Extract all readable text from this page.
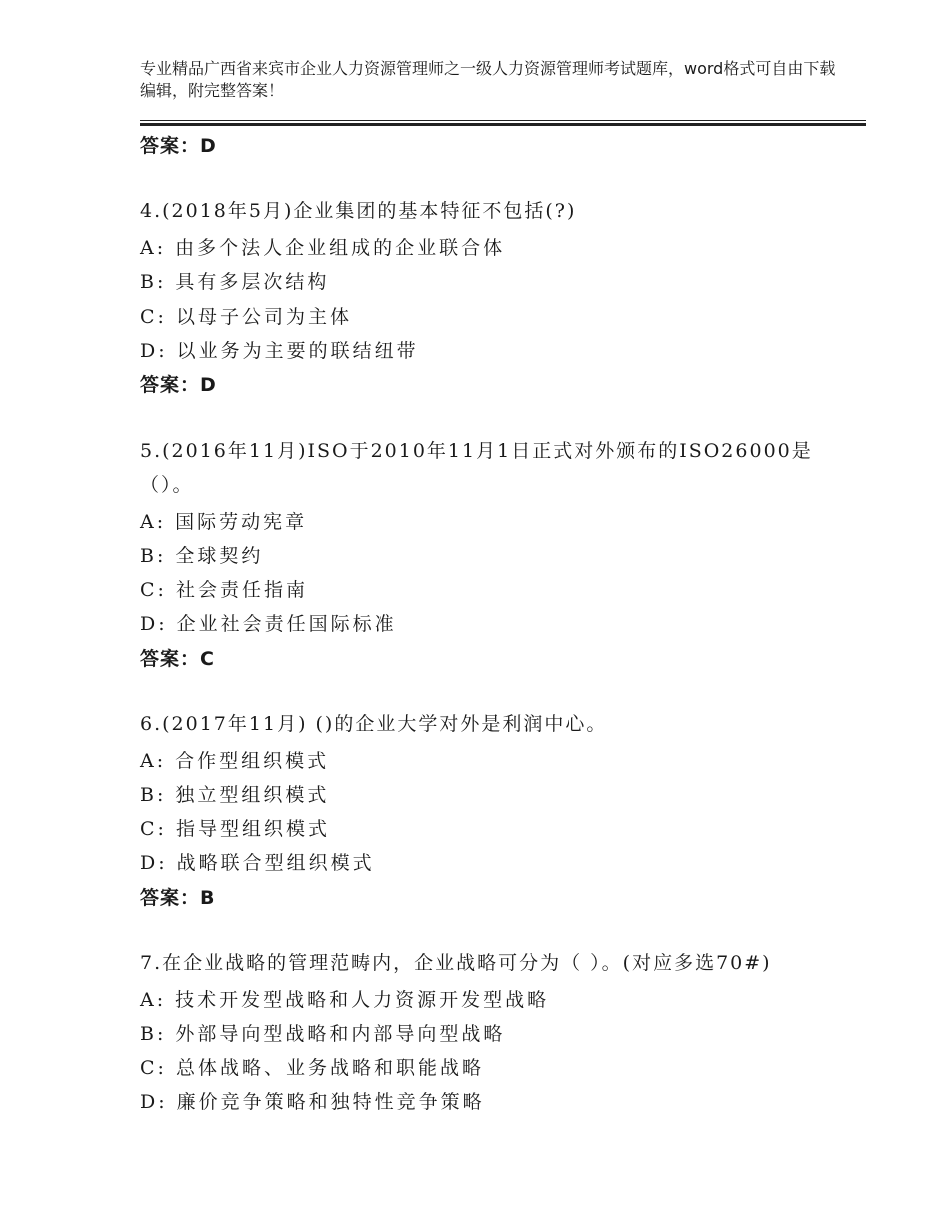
专业精品广西省来宾市企业人力资源管理师之一级人力资源管理师考试题库，word格式可自由下载编辑，附完整答案！
答案：D
4.(2018年5月)企业集团的基本特征不包括(?)
A: 由多个法人企业组成的企业联合体
B: 具有多层次结构
C: 以母子公司为主体
D: 以业务为主要的联结纽带
答案：D
5.(2016年11月)ISO于2010年11月1日正式对外颁布的ISO26000是（）。
A: 国际劳动宪章
B: 全球契约
C: 社会责任指南
D: 企业社会责任国际标准
答案：C
6.(2017年11月) ()的企业大学对外是利润中心。
A: 合作型组织模式
B: 独立型组织模式
C: 指导型组织模式
D: 战略联合型组织模式
答案：B
7.在企业战略的管理范畴内，企业战略可分为（ ）。(对应多选70#)
A: 技术开发型战略和人力资源开发型战略
B: 外部导向型战略和内部导向型战略
C: 总体战略、业务战略和职能战略
D: 廉价竞争策略和独特性竞争策略
